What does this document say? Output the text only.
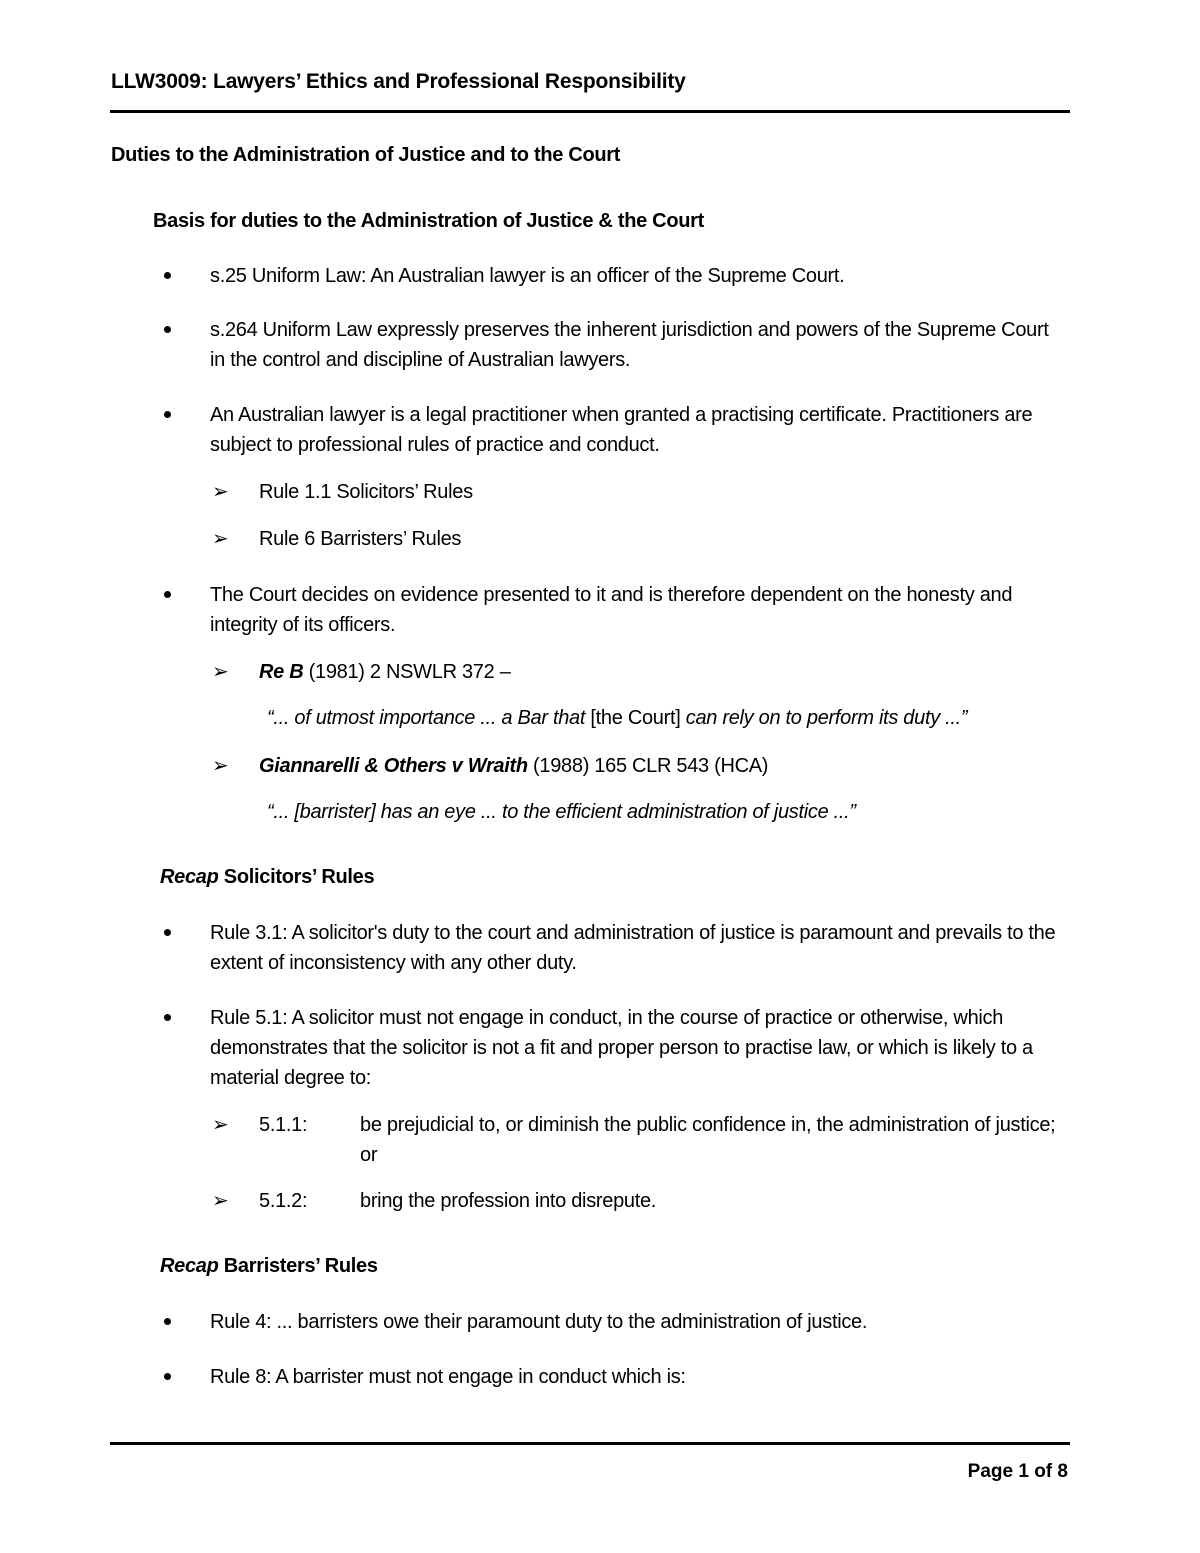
LLW3009: Lawyers’ Ethics and Professional Responsibility
Duties to the Administration of Justice and to the Court
Basis for duties to the Administration of Justice & the Court
s.25 Uniform Law: An Australian lawyer is an officer of the Supreme Court.
s.264 Uniform Law expressly preserves the inherent jurisdiction and powers of the Supreme Court
in the control and discipline of Australian lawyers.
An Australian lawyer is a legal practitioner when granted a practising certificate. Practitioners are
subject to professional rules of practice and conduct.
➢ Rule 1.1 Solicitors’ Rules
➢ Rule 6 Barristers’ Rules
The Court decides on evidence presented to it and is therefore dependent on the honesty and
integrity of its officers.
➢ Re B (1981) 2 NSWLR 372 –
“... of utmost importance ... a Bar that [the Court] can rely on to perform its duty ...”
➢ Giannarelli & Others v Wraith (1988) 165 CLR 543 (HCA)
“... [barrister] has an eye ... to the efficient administration of justice ...”
Recap Solicitors’ Rules
Rule 3.1: A solicitor's duty to the court and administration of justice is paramount and prevails to the
extent of inconsistency with any other duty.
Rule 5.1: A solicitor must not engage in conduct, in the course of practice or otherwise, which
demonstrates that the solicitor is not a fit and proper person to practise law, or which is likely to a
material degree to:
➢ 5.1.1:	be prejudicial to, or diminish the public confidence in, the administration of justice;
or
➢ 5.1.2:	bring the profession into disrepute.
Recap Barristers’ Rules
Rule 4: ... barristers owe their paramount duty to the administration of justice.
Rule 8: A barrister must not engage in conduct which is:
Page 1 of 8
